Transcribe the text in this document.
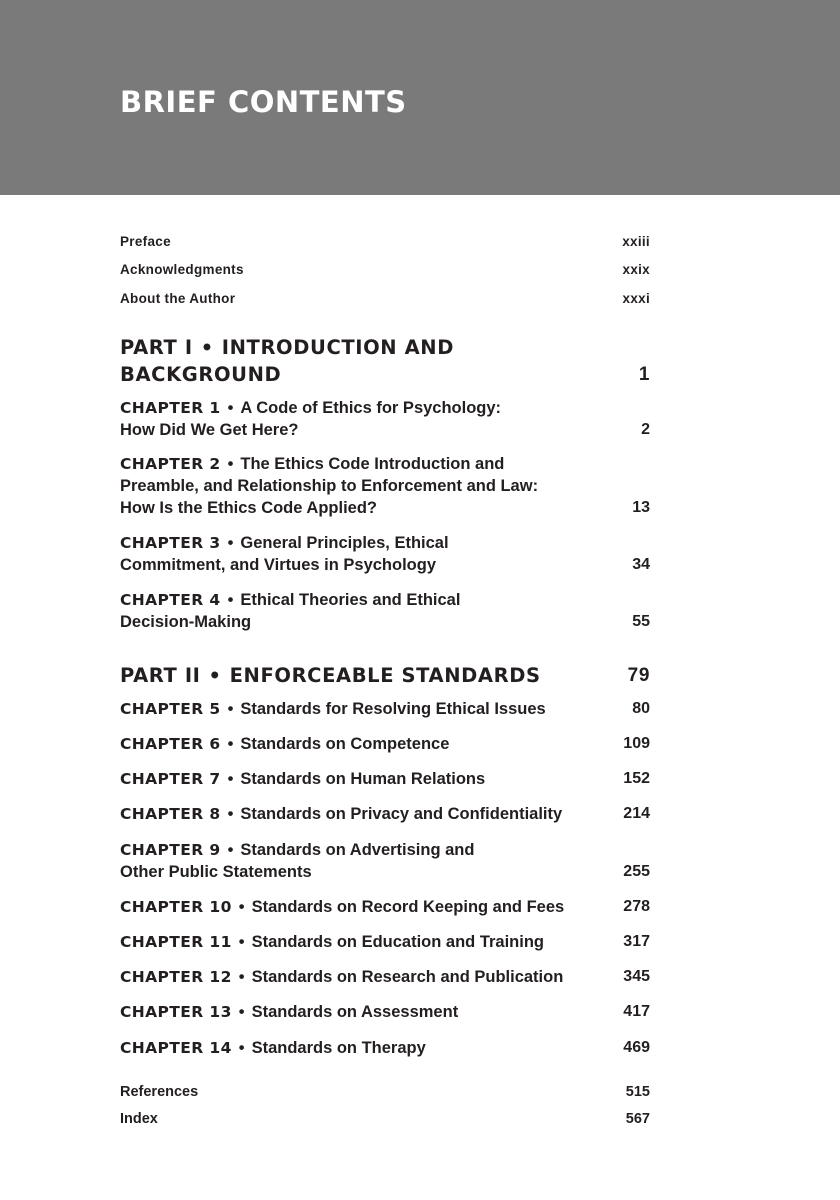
BRIEF CONTENTS
Preface	xxiii
Acknowledgments	xxix
About the Author	xxxi
PART I • INTRODUCTION AND
BACKGROUND	1
CHAPTER 1 • A Code of Ethics for Psychology:
How Did We Get Here?	2
CHAPTER 2 • The Ethics Code Introduction and
Preamble, and Relationship to Enforcement and Law:
How Is the Ethics Code Applied?	13
CHAPTER 3 • General Principles, Ethical
Commitment, and Virtues in Psychology	34
CHAPTER 4 • Ethical Theories and Ethical
Decision-Making	55
PART II • ENFORCEABLE STANDARDS	79
CHAPTER 5 • Standards for Resolving Ethical Issues	80
CHAPTER 6 • Standards on Competence	109
CHAPTER 7 • Standards on Human Relations	152
CHAPTER 8 • Standards on Privacy and Confidentiality	214
CHAPTER 9 • Standards on Advertising and
Other Public Statements	255
CHAPTER 10 • Standards on Record Keeping and Fees	278
CHAPTER 11 • Standards on Education and Training	317
CHAPTER 12 • Standards on Research and Publication	345
CHAPTER 13 • Standards on Assessment	417
CHAPTER 14 • Standards on Therapy	469
References	515
Index	567
